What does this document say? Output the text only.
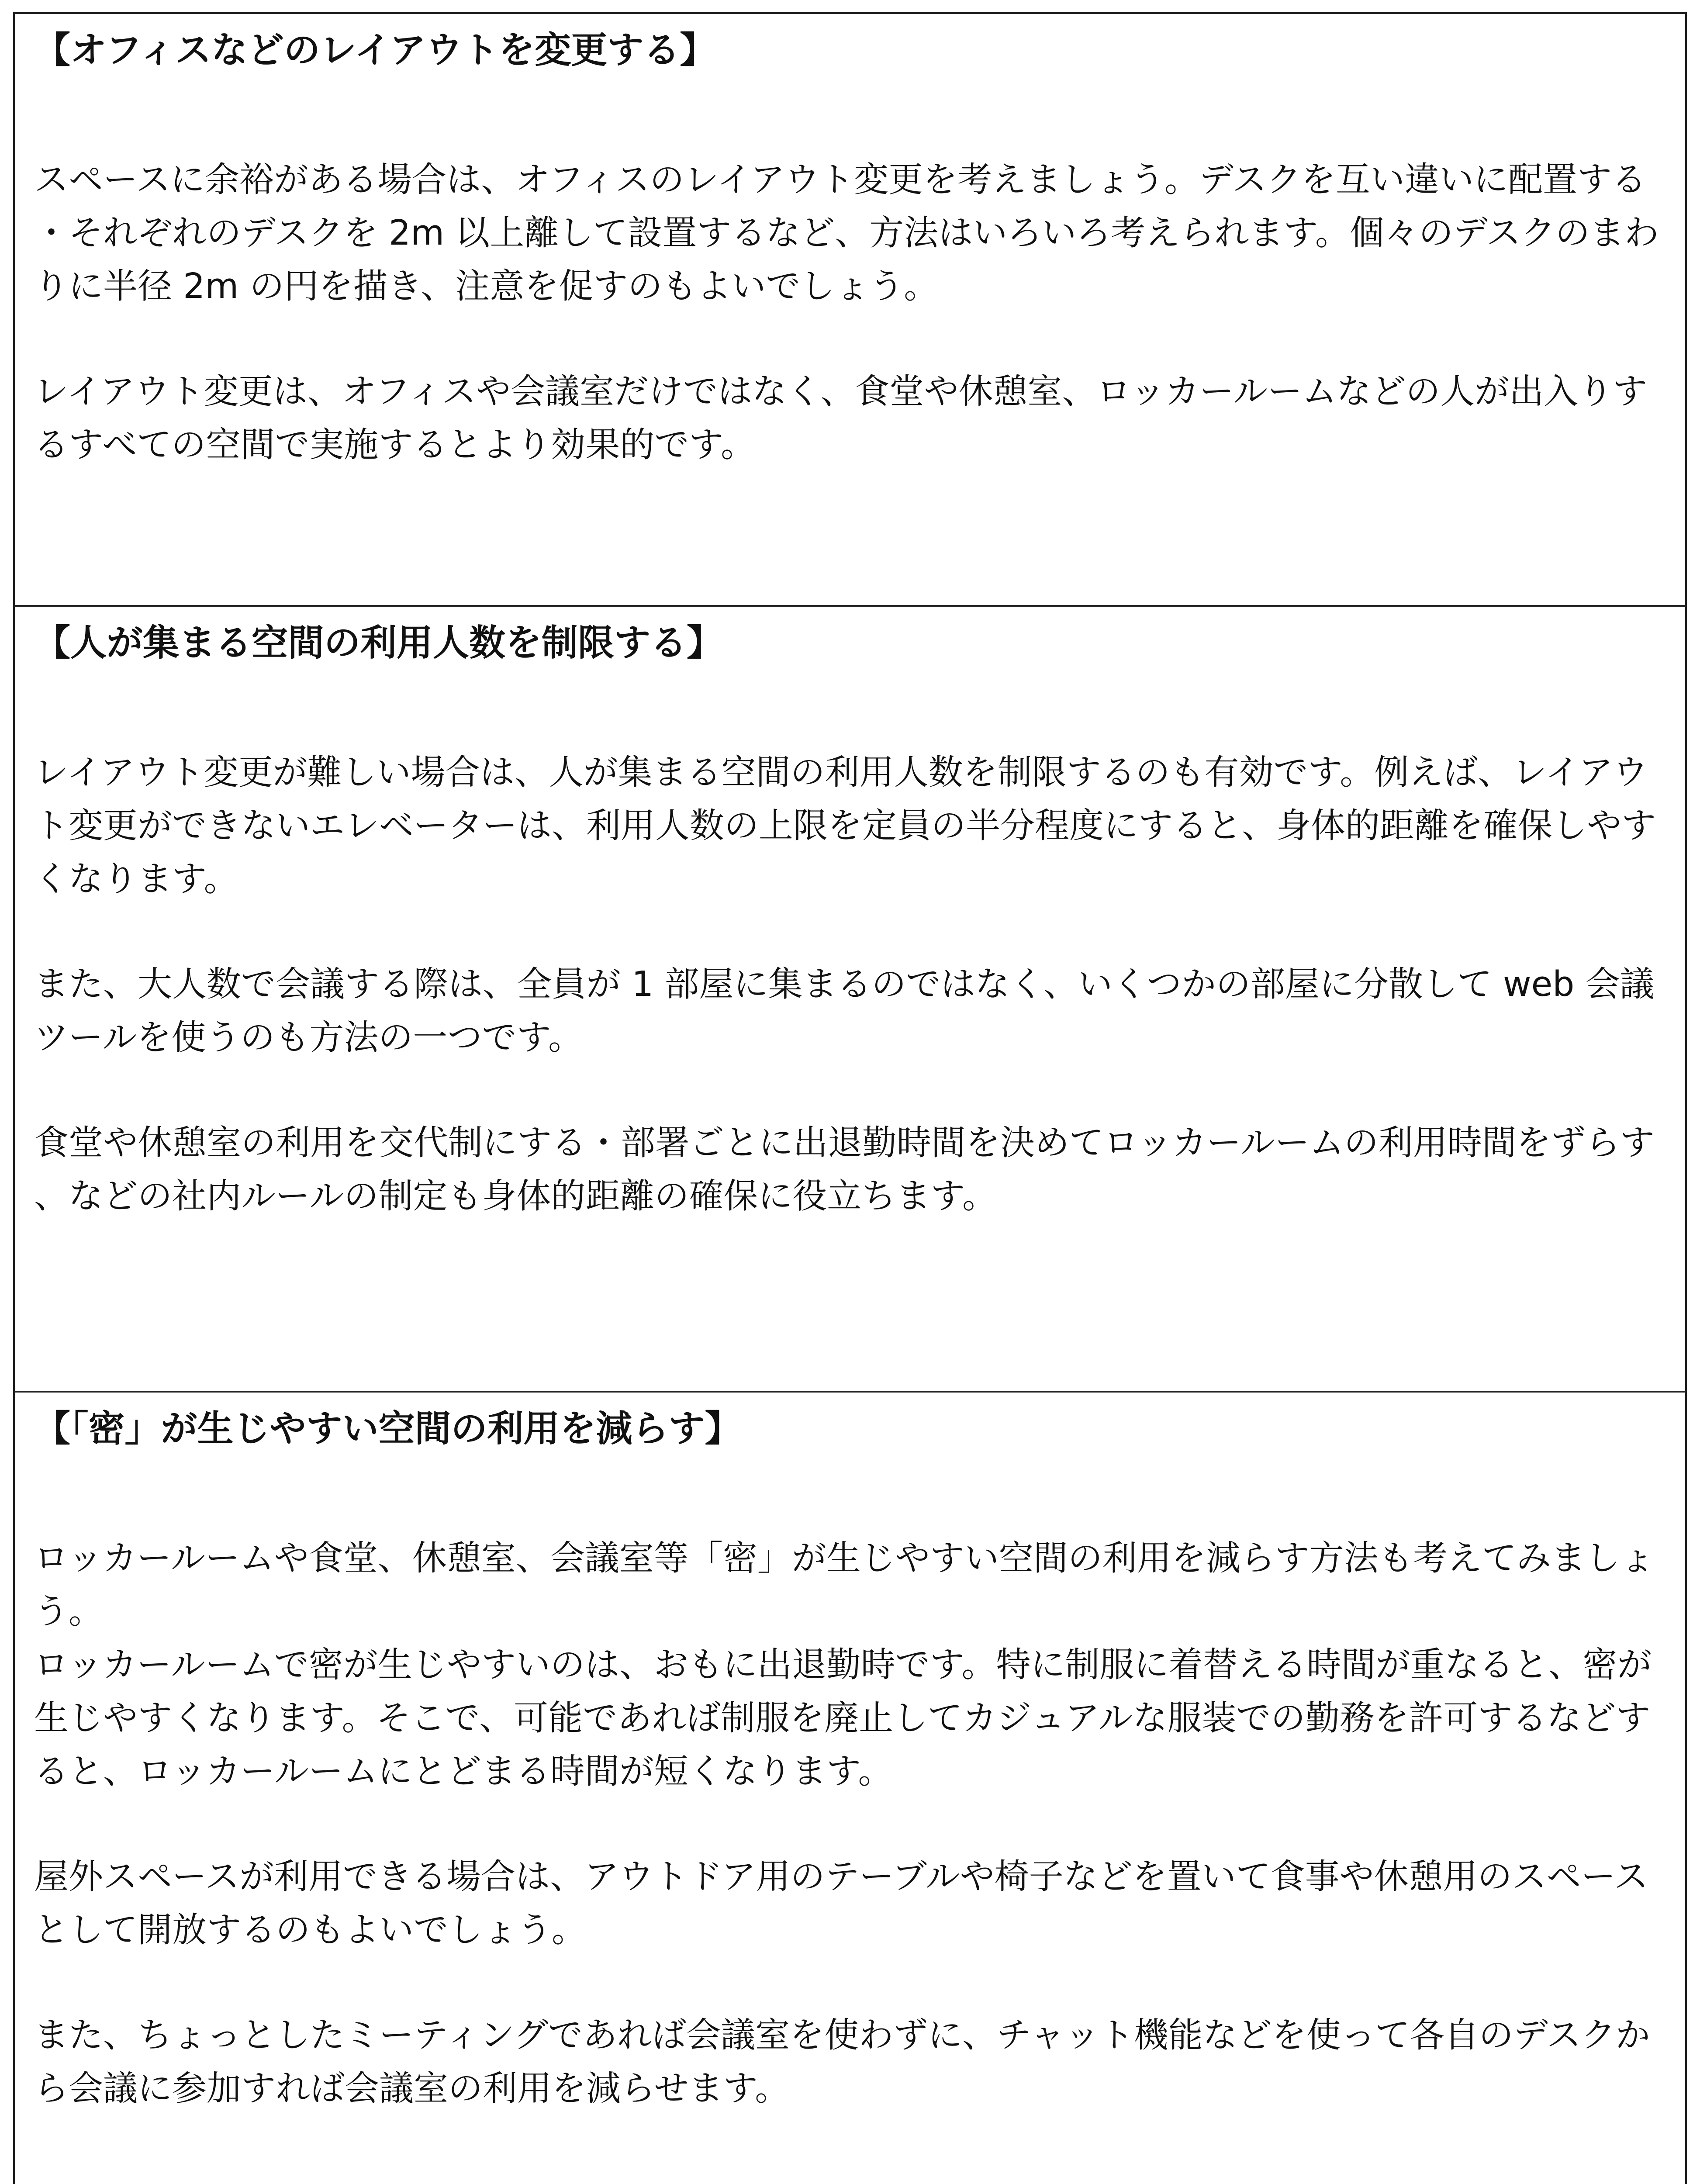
【オフィスなどのレイアウトを変更する】

スペースに余裕がある場合は、オフィスのレイアウト変更を考えましょう。デスクを互い違いに配置する・それぞれのデスクを 2m 以上離して設置するなど、方法はいろいろ考えられます。個々のデスクのまわりに半径 2m の円を描き、注意を促すのもよいでしょう。

レイアウト変更は、オフィスや会議室だけではなく、食堂や休憩室、ロッカールームなどの人が出入りするすべての空間で実施するとより効果的です。

【人が集まる空間の利用人数を制限する】

レイアウト変更が難しい場合は、人が集まる空間の利用人数を制限するのも有効です。例えば、レイアウト変更ができないエレベーターは、利用人数の上限を定員の半分程度にすると、身体的距離を確保しやすくなります。

また、大人数で会議する際は、全員が 1 部屋に集まるのではなく、いくつかの部屋に分散して web 会議ツールを使うのも方法の一つです。

食堂や休憩室の利用を交代制にする・部署ごとに出退勤時間を決めてロッカールームの利用時間をずらす、などの社内ルールの制定も身体的距離の確保に役立ちます。

【「密」が生じやすい空間の利用を減らす】

ロッカールームや食堂、休憩室、会議室等「密」が生じやすい空間の利用を減らす方法も考えてみましょう。

ロッカールームで密が生じやすいのは、おもに出退勤時です。特に制服に着替える時間が重なると、密が生じやすくなります。そこで、可能であれば制服を廃止してカジュアルな服装での勤務を許可するなどすると、ロッカールームにとどまる時間が短くなります。

屋外スペースが利用できる場合は、アウトドア用のテーブルや椅子などを置いて食事や休憩用のスペースとして開放するのもよいでしょう。

また、ちょっとしたミーティングであれば会議室を使わずに、チャット機能などを使って各自のデスクから会議に参加すれば会議室の利用を減らせます。
